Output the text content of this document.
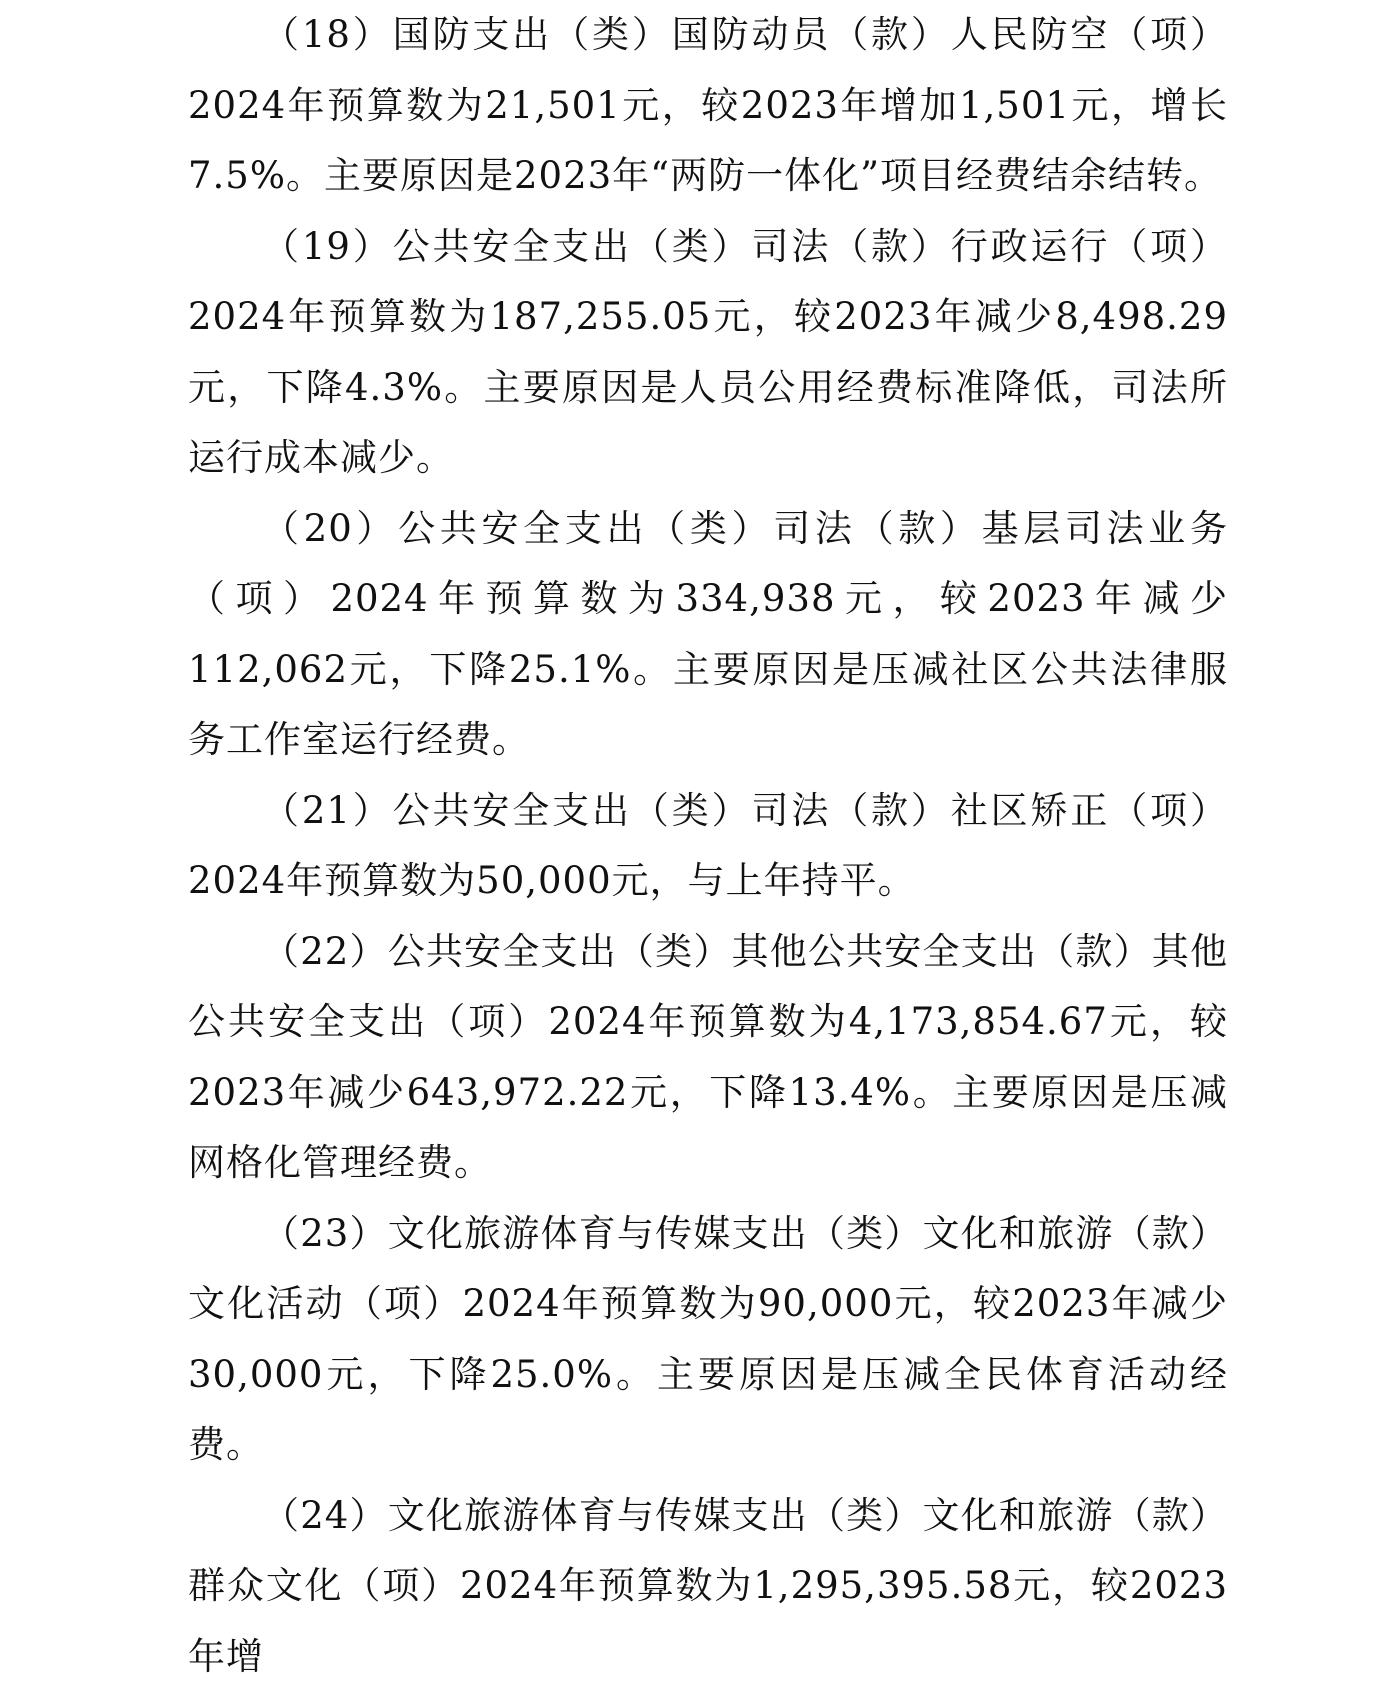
（18）国防支出（类）国防动员（款）人民防空（项）2024年预算数为21,501元，较2023年增加1,501元，增长7.5%。主要原因是2023年“两防一体化”项目经费结余结转。

（19）公共安全支出（类）司法（款）行政运行（项）2024年预算数为187,255.05元，较2023年减少8,498.29元，下降4.3%。主要原因是人员公用经费标准降低，司法所运行成本减少。

（20）公共安全支出（类）司法（款）基层司法业务（项）2024年预算数为334,938元，较2023年减少112,062元，下降25.1%。主要原因是压减社区公共法律服务工作室运行经费。

（21）公共安全支出（类）司法（款）社区矫正（项）2024年预算数为50,000元，与上年持平。

（22）公共安全支出（类）其他公共安全支出（款）其他公共安全支出（项）2024年预算数为4,173,854.67元，较2023年减少643,972.22元，下降13.4%。主要原因是压减网格化管理经费。

（23）文化旅游体育与传媒支出（类）文化和旅游（款）文化活动（项）2024年预算数为90,000元，较2023年减少30,000元，下降25.0%。主要原因是压减全民体育活动经费。

（24）文化旅游体育与传媒支出（类）文化和旅游（款）群众文化（项）2024年预算数为1,295,395.58元，较2023年增
